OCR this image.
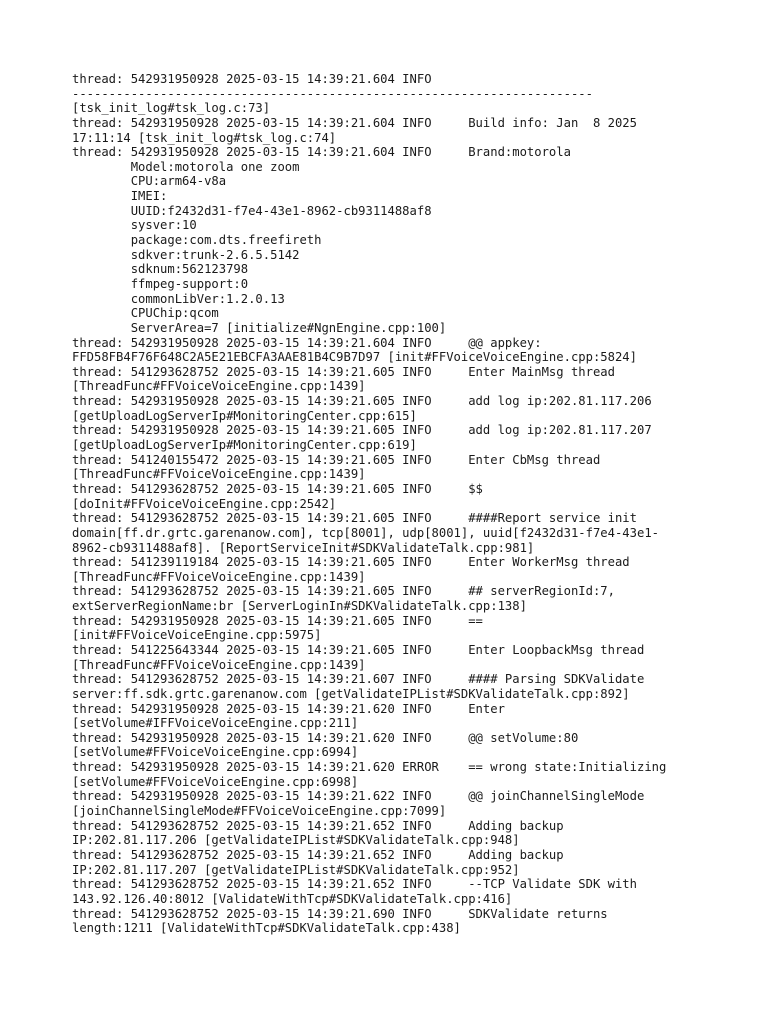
thread: 542931950928 2025-03-15 14:39:21.604 INFO
-----------------------------------------------------------------------
[tsk_init_log#tsk_log.c:73]
thread: 542931950928 2025-03-15 14:39:21.604 INFO     Build info: Jan  8 2025
17:11:14 [tsk_init_log#tsk_log.c:74]
thread: 542931950928 2025-03-15 14:39:21.604 INFO     Brand:motorola
Model:motorola one zoom
CPU:arm64-v8a
IMEI:
UUID:f2432d31-f7e4-43e1-8962-cb9311488af8
sysver:10
package:com.dts.freefireth
sdkver:trunk-2.6.5.5142
sdknum:562123798
ffmpeg-support:0
commonLibVer:1.2.0.13
CPUChip:qcom
ServerArea=7 [initialize#NgnEngine.cpp:100]
thread: 542931950928 2025-03-15 14:39:21.604 INFO     @@ appkey:
FFD58FB4F76F648C2A5E21EBCFA3AAE81B4C9B7D97 [init#FFVoiceVoiceEngine.cpp:5824]
thread: 541293628752 2025-03-15 14:39:21.605 INFO     Enter MainMsg thread
[ThreadFunc#FFVoiceVoiceEngine.cpp:1439]
thread: 542931950928 2025-03-15 14:39:21.605 INFO     add log ip:202.81.117.206
[getUploadLogServerIp#MonitoringCenter.cpp:615]
thread: 542931950928 2025-03-15 14:39:21.605 INFO     add log ip:202.81.117.207
[getUploadLogServerIp#MonitoringCenter.cpp:619]
thread: 541240155472 2025-03-15 14:39:21.605 INFO     Enter CbMsg thread
[ThreadFunc#FFVoiceVoiceEngine.cpp:1439]
thread: 541293628752 2025-03-15 14:39:21.605 INFO     $$
[doInit#FFVoiceVoiceEngine.cpp:2542]
thread: 541293628752 2025-03-15 14:39:21.605 INFO     ####Report service init
domain[ff.dr.grtc.garenanow.com], tcp[8001], udp[8001], uuid[f2432d31-f7e4-43e1-
8962-cb9311488af8]. [ReportServiceInit#SDKValidateTalk.cpp:981]
thread: 541239119184 2025-03-15 14:39:21.605 INFO     Enter WorkerMsg thread
[ThreadFunc#FFVoiceVoiceEngine.cpp:1439]
thread: 541293628752 2025-03-15 14:39:21.605 INFO     ## serverRegionId:7,
extServerRegionName:br [ServerLoginIn#SDKValidateTalk.cpp:138]
thread: 542931950928 2025-03-15 14:39:21.605 INFO     ==
[init#FFVoiceVoiceEngine.cpp:5975]
thread: 541225643344 2025-03-15 14:39:21.605 INFO     Enter LoopbackMsg thread
[ThreadFunc#FFVoiceVoiceEngine.cpp:1439]
thread: 541293628752 2025-03-15 14:39:21.607 INFO     #### Parsing SDKValidate
server:ff.sdk.grtc.garenanow.com [getValidateIPList#SDKValidateTalk.cpp:892]
thread: 542931950928 2025-03-15 14:39:21.620 INFO     Enter
[setVolume#IFFVoiceVoiceEngine.cpp:211]
thread: 542931950928 2025-03-15 14:39:21.620 INFO     @@ setVolume:80
[setVolume#FFVoiceVoiceEngine.cpp:6994]
thread: 542931950928 2025-03-15 14:39:21.620 ERROR    == wrong state:Initializing
[setVolume#FFVoiceVoiceEngine.cpp:6998]
thread: 542931950928 2025-03-15 14:39:21.622 INFO     @@ joinChannelSingleMode
[joinChannelSingleMode#FFVoiceVoiceEngine.cpp:7099]
thread: 541293628752 2025-03-15 14:39:21.652 INFO     Adding backup
IP:202.81.117.206 [getValidateIPList#SDKValidateTalk.cpp:948]
thread: 541293628752 2025-03-15 14:39:21.652 INFO     Adding backup
IP:202.81.117.207 [getValidateIPList#SDKValidateTalk.cpp:952]
thread: 541293628752 2025-03-15 14:39:21.652 INFO     --TCP Validate SDK with
143.92.126.40:8012 [ValidateWithTcp#SDKValidateTalk.cpp:416]
thread: 541293628752 2025-03-15 14:39:21.690 INFO     SDKValidate returns
length:1211 [ValidateWithTcp#SDKValidateTalk.cpp:438]
